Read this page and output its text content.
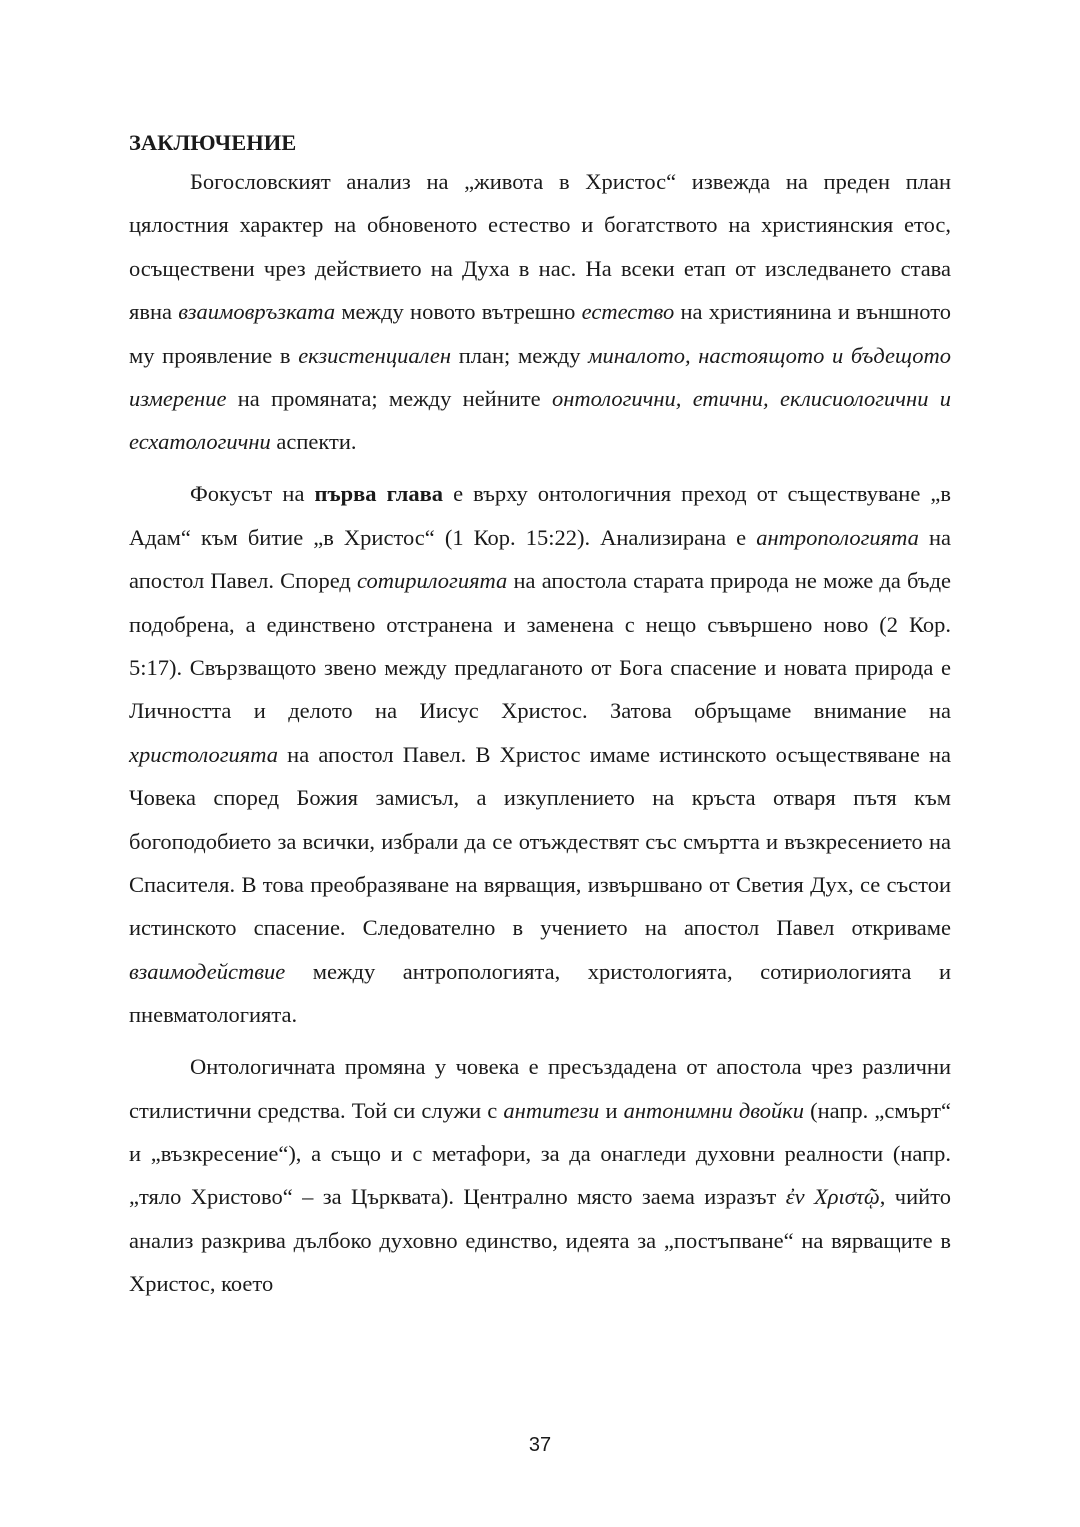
ЗАКЛЮЧЕНИЕ

Богословският анализ на „живота в Христос“ извежда на преден план цялостния характер на обновеното естество и богатството на християнския етос, осъществени чрез действието на Духа в нас. На всеки етап от изследването става явна взаимовръзката между новото вътрешно естество на християнина и външното му проявление в екзистенциален план; между миналото, настоящото и бъдещото измерение на промяната; между нейните онтологични, етични, еклисиологични и есхатологични аспекти.

Фокусът на първа глава е върху онтологичния преход от съществуване „в Адам“ към битие „в Христос“ (1 Кор. 15:22). Анализирана е антропологията на апостол Павел. Според сотирилогията на апостола старата природа не може да бъде подобрена, а единствено отстранена и заменена с нещо съвършено ново (2 Кор. 5:17). Свързващото звено между предлаганото от Бога спасение и новата природа е Личността и делото на Иисус Христос. Затова обръщаме внимание на христологията на апостол Павел. В Христос имаме истинското осъществяване на Човека според Божия замисъл, а изкуплението на кръста отваря пътя към богоподобието за всички, избрали да се отъждествят със смъртта и възкресението на Спасителя. В това преобразяване на вярващия, извършвано от Светия Дух, се състои истинското спасение. Следователно в учението на апостол Павел откриваме взаимодействие между антропологията, христологията, сотириологията и пневматологията.

Онтологичната промяна у човека е пресъздадена от апостола чрез различни стилистични средства. Той си служи с антитези и антонимни двойки (напр. „смърт“ и „възкресение“), а също и с метафори, за да онагледи духовни реалности (напр. „тяло Христово“ – за Църквата). Централно място заема изразът ἐν Χριστῷ, чийто анализ разкрива дълбоко духовно единство, идеята за „постъпване“ на вярващите в Христос, което

37
